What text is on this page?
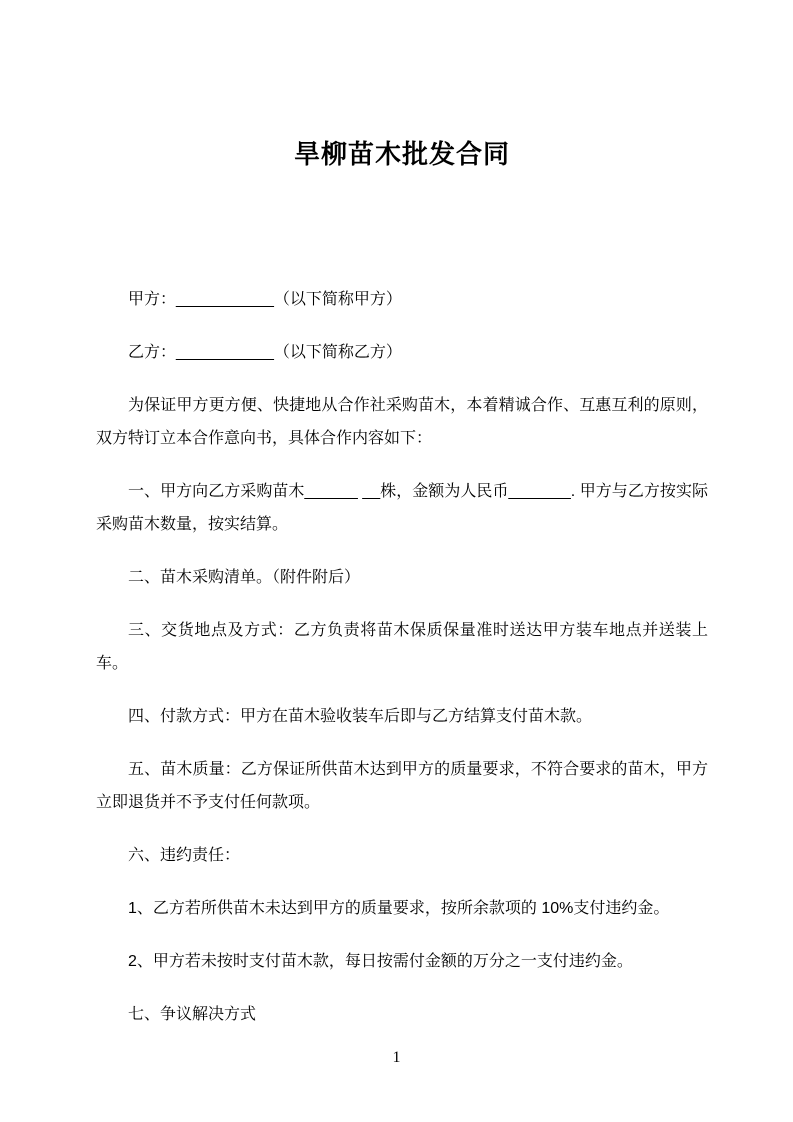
旱柳苗木批发合同

甲方：___________（以下简称甲方）

乙方：___________（以下简称乙方）

为保证甲方更方便、快捷地从合作社采购苗木，本着精诚合作、互惠互利的原则，双方特订立本合作意向书，具体合作内容如下：

一、甲方向乙方采购苗木______ __株，金额为人民币_______. 甲方与乙方按实际采购苗木数量，按实结算。

二、苗木采购清单。（附件附后）

三、交货地点及方式：乙方负责将苗木保质保量准时送达甲方装车地点并送装上车。

四、付款方式：甲方在苗木验收装车后即与乙方结算支付苗木款。

五、苗木质量：乙方保证所供苗木达到甲方的质量要求，不符合要求的苗木，甲方立即退货并不予支付任何款项。

六、违约责任：

1、乙方若所供苗木未达到甲方的质量要求，按所余款项的 10%支付违约金。

2、甲方若未按时支付苗木款，每日按需付金额的万分之一支付违约金。

七、争议解决方式

1
